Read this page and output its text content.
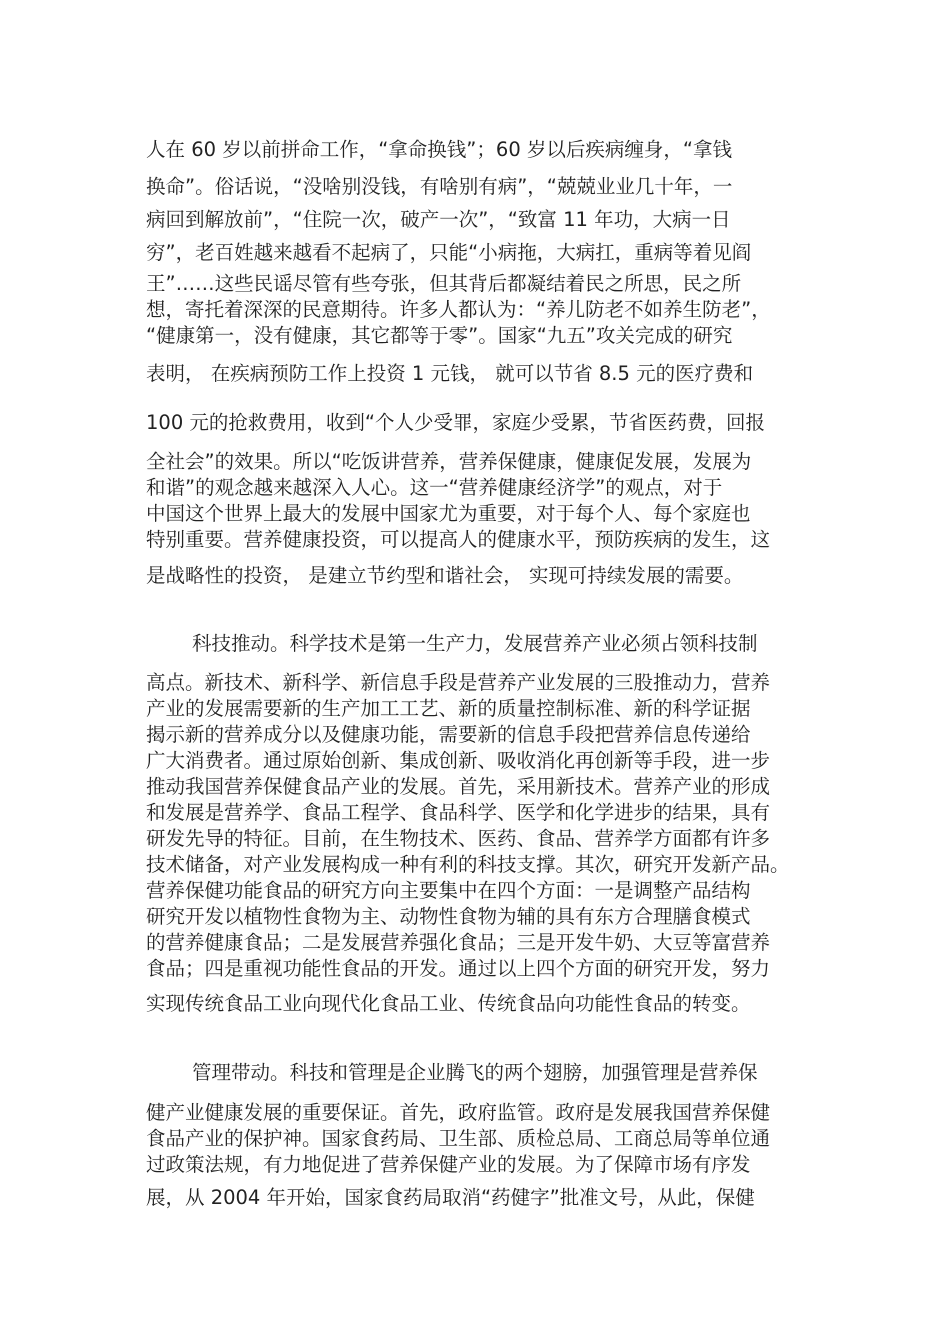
人在 60 岁以前拼命工作，“拿命换钱”；60 岁以后疾病缠身，“拿钱
换命”。俗话说，“没啥别没钱，有啥别有病”，“兢兢业业几十年，一
病回到解放前”，“住院一次，破产一次”，“致富 11 年功，大病一日
穷”，老百姓越来越看不起病了，只能“小病拖，大病扛，重病等着见阎
王”……这些民谣尽管有些夸张，但其背后都凝结着民之所思，民之所
想，寄托着深深的民意期待。许多人都认为：“养儿防老不如养生防老”，
“健康第一，没有健康，其它都等于零”。国家“九五”攻关完成的研究
表明， 在疾病预防工作上投资 1 元钱， 就可以节省 8.5 元的医疗费和
100 元的抢救费用，收到“个人少受罪，家庭少受累，节省医药费，回报
全社会”的效果。所以“吃饭讲营养，营养保健康，健康促发展，发展为
和谐”的观念越来越深入人心。这一“营养健康经济学”的观点，对于
中国这个世界上最大的发展中国家尤为重要，对于每个人、每个家庭也
特别重要。营养健康投资，可以提高人的健康水平，预防疾病的发生，这
是战略性的投资， 是建立节约型和谐社会， 实现可持续发展的需要。
科技推动。科学技术是第一生产力，发展营养产业必须占领科技制
高点。新技术、新科学、新信息手段是营养产业发展的三股推动力，营养
产业的发展需要新的生产加工工艺、新的质量控制标准、新的科学证据
揭示新的营养成分以及健康功能，需要新的信息手段把营养信息传递给
广大消费者。通过原始创新、集成创新、吸收消化再创新等手段，进一步
推动我国营养保健食品产业的发展。首先，采用新技术。营养产业的形成
和发展是营养学、食品工程学、食品科学、医学和化学进步的结果，具有
研发先导的特征。目前，在生物技术、医药、食品、营养学方面都有许多
技术储备，对产业发展构成一种有利的科技支撑。其次，研究开发新产品。
营养保健功能食品的研究方向主要集中在四个方面：一是调整产品结构
研究开发以植物性食物为主、动物性食物为辅的具有东方合理膳食模式
的营养健康食品；二是发展营养强化食品；三是开发牛奶、大豆等富营养
食品；四是重视功能性食品的开发。通过以上四个方面的研究开发，努力
实现传统食品工业向现代化食品工业、传统食品向功能性食品的转变。
管理带动。科技和管理是企业腾飞的两个翅膀，加强管理是营养保
健产业健康发展的重要保证。首先，政府监管。政府是发展我国营养保健
食品产业的保护神。国家食药局、卫生部、质检总局、工商总局等单位通
过政策法规，有力地促进了营养保健产业的发展。为了保障市场有序发
展，从 2004 年开始，国家食药局取消“药健字”批准文号，从此，保健
